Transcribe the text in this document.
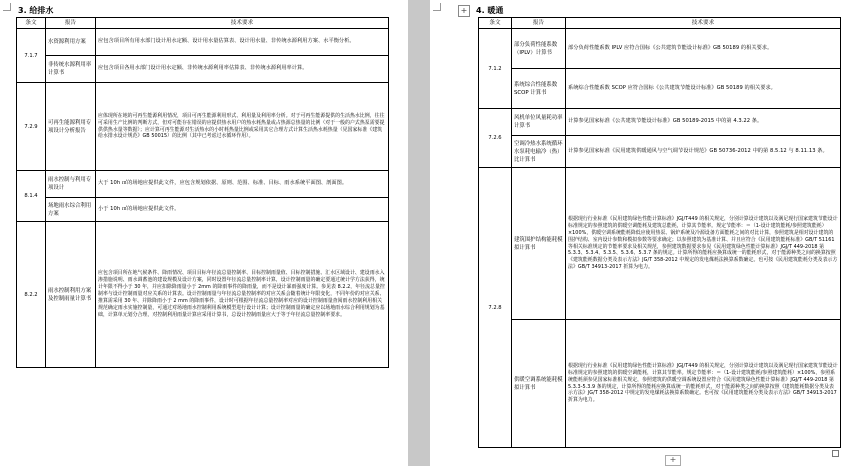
3. 给排水
条文	报告	技术要求
7.1.7	水资源利用方案	应包含项目所有用水部门设计用水定额、设计用水量估算表、设计用水量、非传统水源利用方案、水平衡分析。
	非传统水源利用率计算书	应包含项目各用水部门设计用水定额、非传统水源利用率估算表、非传统水源利用率计算。
7.2.9	可再生能源利用专项设计分析报告	应体现所在地的可再生能源利用情况，项目可再生能源利用形式、利用量及利用率分析。对于可再生能源提供的生活热水比例，往往可采用生产比例的判断方式，但对可能存在错误的应提供热水用户的热水耗热量或占热源总热量的比例（对于一般的户式热泵需要提供供热水量等数据）；应计算可再生能源对生活热水的小时耗热量比例或采用其它合理方式计算生活热水耗热量（见国家标准《建筑给水排水设计规范》GB 50015）的比例（其中已考虑过水循环作用）。
8.1.4	雨水控制与利用专项设计	大于 10h ㎡的场地应提供此文件，应包含规划依据、原则、范围、标准、目标、雨水系统平面图、剖面图。
	场地雨水综合利用方案	小于 10h ㎡的场地应提供此文件。
8.2.2	雨水控制利用方案及控制雨量计算书	应包含项目所在地气候条件、降雨情况、项目目标年径流总量控制率、目标控制雨量值、目标控制措施、汇水区域设计、建设雨水入渗措施说明、雨水调蓄池的建设规模及设计方案，同时设置年径流总量控制率计算，设计控制雨量的确定要通过统计学方法获得，统计年限不得小于 30 年，并应扣除降雨量小于 2mm 的降雨事件的降雨量，而不是设计暴雨强度计算。参见表 8.2.2，年径流总量控制率与设计控制雨量对应关系的计算表。设计控制雨量与年径流总量控制率的对应关系会随着统计年限变化，不同年份的对应关系、推算需采用 30 年、并除降雨小于 2 mm 的降雨事件，设计时可根据年径流总量控制率对应的设计控制雨量查阅雨水控制利用相关规范确定雨水实施控制量，可通过对场地雨水控制利用系统模型进行设计计算；设计控制雨量的确定应以场地雨水综合利用规划为基础，计算单元划分合理，对控制利用雨量计算应采用计算书，总设计控制雨量应大于等于年径流总量控制率要求。
4. 暖通
条文	报告	技术要求
7.1.2	部分负荷性能系数（IPLV）计算书	部分负荷性能系数 IPLV 应符合国标《公共建筑节能设计标准》GB 50189 的相关要求。
	系统综合性能系数 SCOP 计算书	系统综合性能系数 SCOP 应符合国标《公共建筑节能设计标准》GB 50189 的相关要求。
7.2.6	风机单位风量耗功率计算书	计算参见国家标准《公共建筑节能设计标准》GB 50189-2015 中的第 4.3.22 条。
	空调冷热水系统循环水泵耗电输冷（热）比计算书	计算参见国家标准《民用建筑供暖通风与空气调节设计规范》GB 50736-2012 中的第 8.5.12 与 8.11.13 条。
7.2.8	建筑围护结构能耗模拟计算书	根据现行行业标准《民用建筑绿色性能计算标准》JGJ/T449 的相关规定，分别计算设计建筑以及满足现行国家建筑节能设计标准规定的参照建筑的供暖空调能耗及建筑总能耗，计算其节能率。规定节能率：＝（1-设计建筑能耗/参照建筑能耗）×100%，供暖空调系统能耗降低应使用热泵、锅炉系统及冷源设备方面能耗之间的对比计算，参照建筑是相对设计建筑的围护结构、室内设计参数和模拟参数等要求确定；以参照建筑为基准计算、并且应符合《民用建筑能耗标准》GB/T 51161 等相关标准规定的节能率要求及相关规范，参照建筑数据要求参见《民用建筑绿色性能计算标准》JGJ/T 449-2018 第 5.3.3、5.3.4、5.3.5、5.3.6、5.3.7 条的规定。计算所得的能耗应换算成统一的能耗形式，对于能源种类之间的换算按照《建筑能耗数据分类及表示方法》JG/T 358-2012 中规定的发电煤耗法换算系数确定。也可按《民用建筑能耗分类及表示方法》GB/T 34913-2017 折算为电力。
	供暖空调系统能耗模拟计算书	根据现行行业标准《民用建筑绿色性能计算标准》JGJ/T449 的相关规定，分别计算设计建筑以及满足现行国家建筑节能设计标准规定的参照建筑的供暖空调能耗，计算其节能率。规定节能率：＝（1-设计建筑能耗/参照建筑能耗）×100%，参照系统能耗须参见国家标准相关规定，参照建筑的供暖空调系统设置应符合《民用建筑绿色性能计算标准》JGJ/T 449-2018 第 5.3.3-5.3.9 条的规定，计算所得的能耗应换算成统一的能耗形式，对于能源种类之间的换算按照《建筑能耗数据分类及表示方法》JG/T 358-2012 中规定的发电煤耗法换算系数确定。也可按《民用建筑能耗分类及表示方法》GB/T 34913-2017 折算为电力。
+
+
